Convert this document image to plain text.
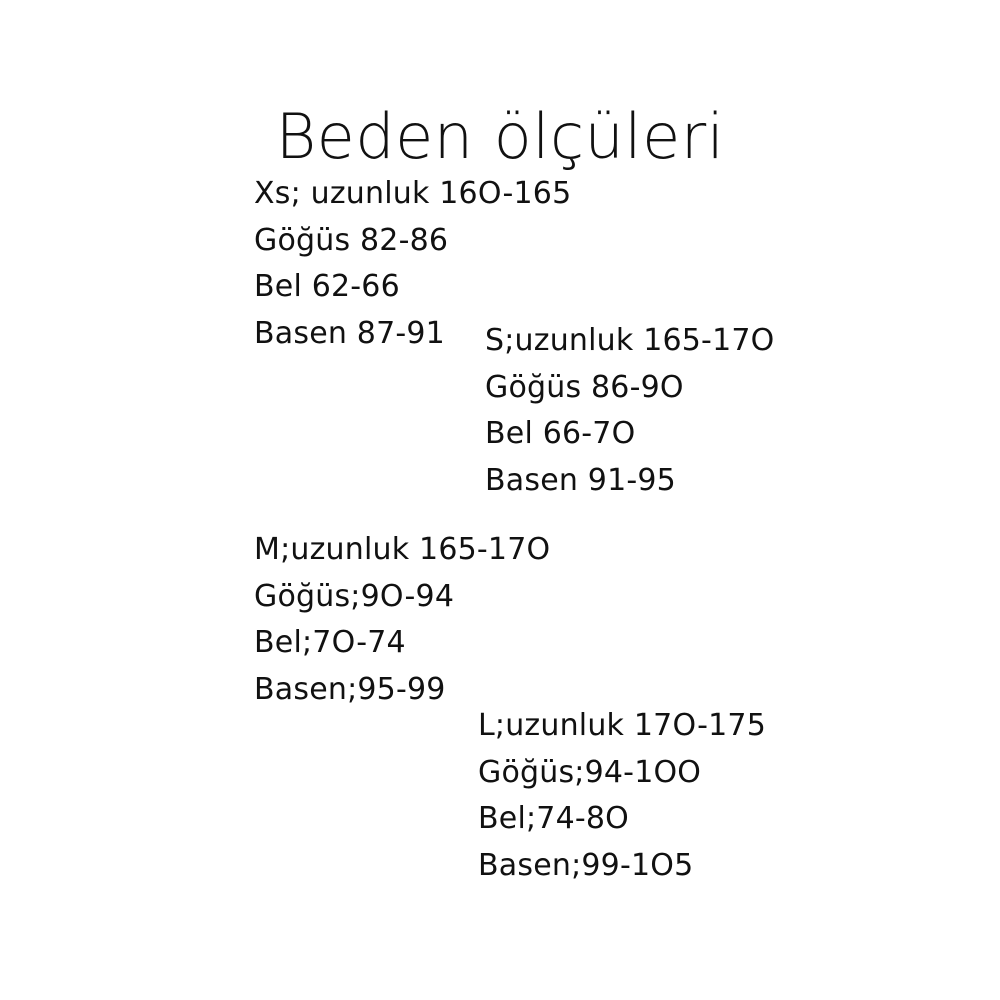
Beden ölçüleri
Xs; uzunluk 16O-165
Göğüs 82-86
Bel 62-66
Basen 87-91	S;uzunluk 165-17O
Göğüs 86-9O
Bel 66-7O
Basen 91-95
M;uzunluk 165-17O
Göğüs;9O-94
Bel;7O-74
Basen;95-99
L;uzunluk 17O-175
Göğüs;94-1OO
Bel;74-8O
Basen;99-1O5
